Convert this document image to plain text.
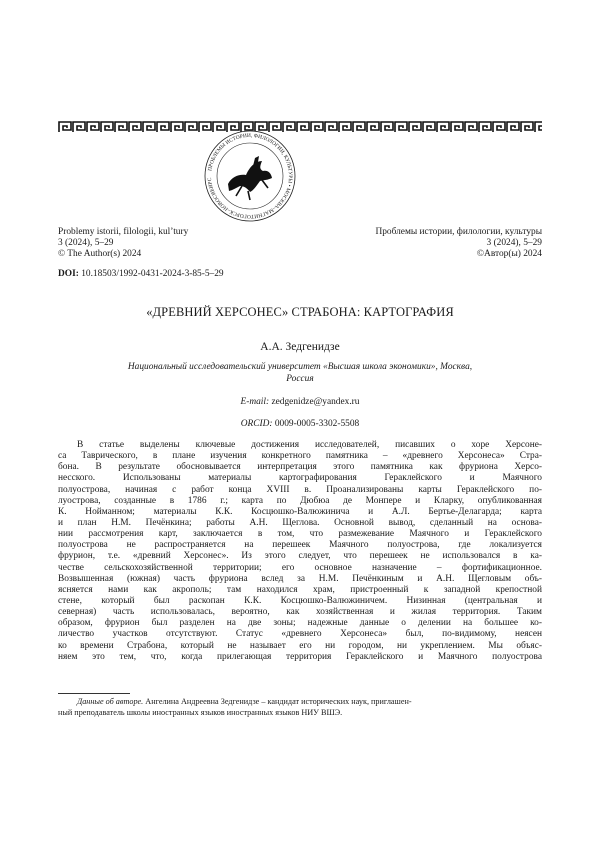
ПРОБЛЕМЫ ИСТОРИИ, ФИЛОЛОГИИ, КУЛЬТУРЫ • МОСКВА–МАГНИТОГОРСК–НОВОСИБИРС
Problemy istorii, filologii, kul’tury
3 (2024), 5–29
© The Author(s) 2024
Проблемы истории, филологии, культуры
3 (2024), 5–29
©Автор(ы) 2024
DOI: 10.18503/1992-0431-2024-3-85-5–29
«ДРЕВНИЙ ХЕРСОНЕС» СТРАБОНА: КАРТОГРАФИЯ
А.А. Зедгенидзе
Национальный исследовательский университет «Высшая школа экономики», Москва,
Россия
E-mail: zedgenidze@yandex.ru
ORCID: 0009-0005-3302-5508
В статье выделены ключевые достижения исследователей, писавших о хоре Херсоне-
са Таврического, в плане изучения конкретного памятника – «древнего Херсонеса» Стра-
бона. В результате обосновывается интерпретация этого памятника как фруриона Херсо-
несского. Использованы материалы картографирования Гераклейского и Маячного
полуострова, начиная с работ конца XVIII в. Проанализированы карты Гераклейского по-
луострова, созданные в 1786 г.; карта по Дюбюа де Монпере и Кларку, опубликованная
К. Нойманном; материалы К.К. Косцюшко-Валюжинича и А.Л. Бертье-Делагарда; карта
и план Н.М. Печёнкина; работы А.Н. Щеглова. Основной вывод, сделанный на основа-
нии рассмотрения карт, заключается в том, что размежевание Маячного и Гераклейского
полуострова не распространяется на перешеек Маячного полуострова, где локализуется
фрурион, т.е. «древний Херсонес». Из этого следует, что перешеек не использовался в ка-
честве сельскохозяйственной территории; его основное назначение – фортификационное.
Возвышенная (южная) часть фруриона вслед за Н.М. Печёнкиным и А.Н. Щегловым объ-
ясняется нами как акрополь; там находился храм, пристроенный к западной крепостной
стене, который был раскопан К.К. Косцюшко-Валюжиничем. Низинная (центральная и
северная) часть использовалась, вероятно, как хозяйственная и жилая территория. Таким
образом, фрурион был разделен на две зоны; надежные данные о делении на большее ко-
личество участков отсутствуют. Статус «древнего Херсонеса» был, по-видимому, неясен
ко времени Страбона, который не называет его ни городом, ни укреплением. Мы объяс-
няем это тем, что, когда прилегающая территория Гераклейского и Маячного полуострова
Данные об авторе. Ангелина Андреевна Зедгенидзе – кандидат исторических наук, приглашен-
ный преподаватель школы иностранных языков иностранных языков НИУ ВШЭ.
